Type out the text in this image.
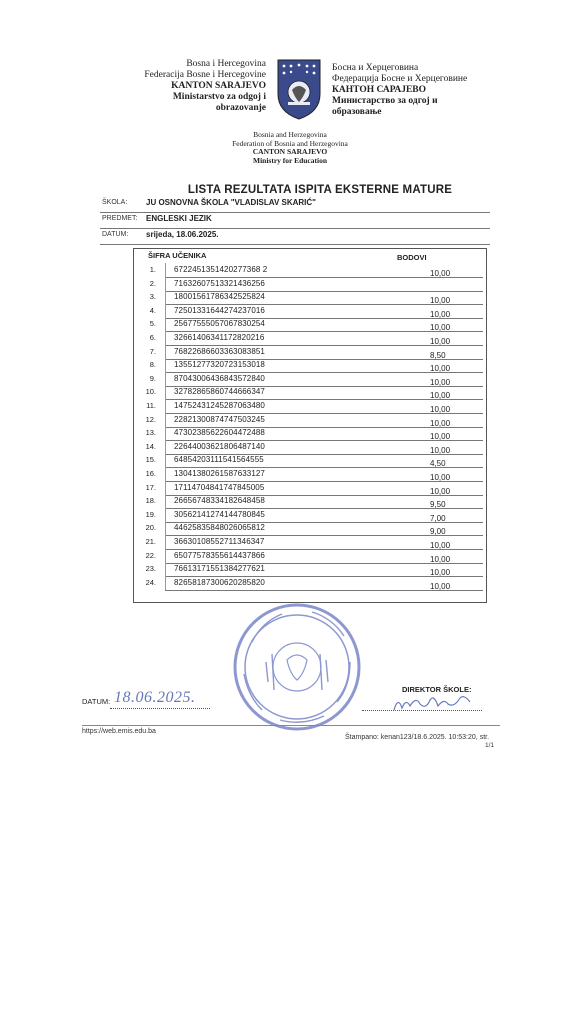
Bosna i Hercegovina
Federacija Bosne i Hercegovine
KANTON SARAJEVO
Ministarstvo za odgoj i
obrazovanje
Босна и Херцеговина
Федерација Босне и Херцеговине
КАНТОН САРАЈЕВО
Министарство за одгој и
образовање
Bosnia and Herzegovina
Federation of Bosnia and Herzegovina
CANTON SARAJEVO
Ministry for Education
LISTA REZULTATA ISPITA EKSTERNE MATURE
ŠKOLA: JU OSNOVNA ŠKOLA "VLADISLAV SKARIĆ"
PREDMET: ENGLESKI JEZIK
DATUM: srijeda, 18.06.2025.
ŠIFRA UČENIKA	BODOVI
1. 6722451351420277368 2	10,00
2. 71632607513321436256
3. 18001561786342525824	10,00
4. 72501331644274237016	10,00
5. 25677555057067830254	10,00
6. 32661406341172820216	10,00
7. 76822686603363083851	8,50
8. 13551277320723153018	10,00
9. 87043006436843572840	10,00
10. 32782865860744666347	10,00
11. 14752431245287063480	10,00
12. 22821300874747503245	10,00
13. 47302385622604472488	10,00
14. 22644003621806487140	10,00
15. 64854203111541564555	4,50
16. 13041380261587633127	10,00
17. 17114704841747845005	10,00
18. 26656748334182648458	9,50
19. 30562141274144780845	7,00
20. 44625835848026065812	9,00
21. 36630108552711346347	10,00
22. 65077578355614437866	10,00
23. 76613171551384277621	10,00
24. 82658187300620285820	10,00
DATUM: 18.06.2025.	DIREKTOR ŠKOLE:
https://web.emis.edu.ba
Štampano: kenan123/18.6.2025. 10:53:20, str.
1/1
